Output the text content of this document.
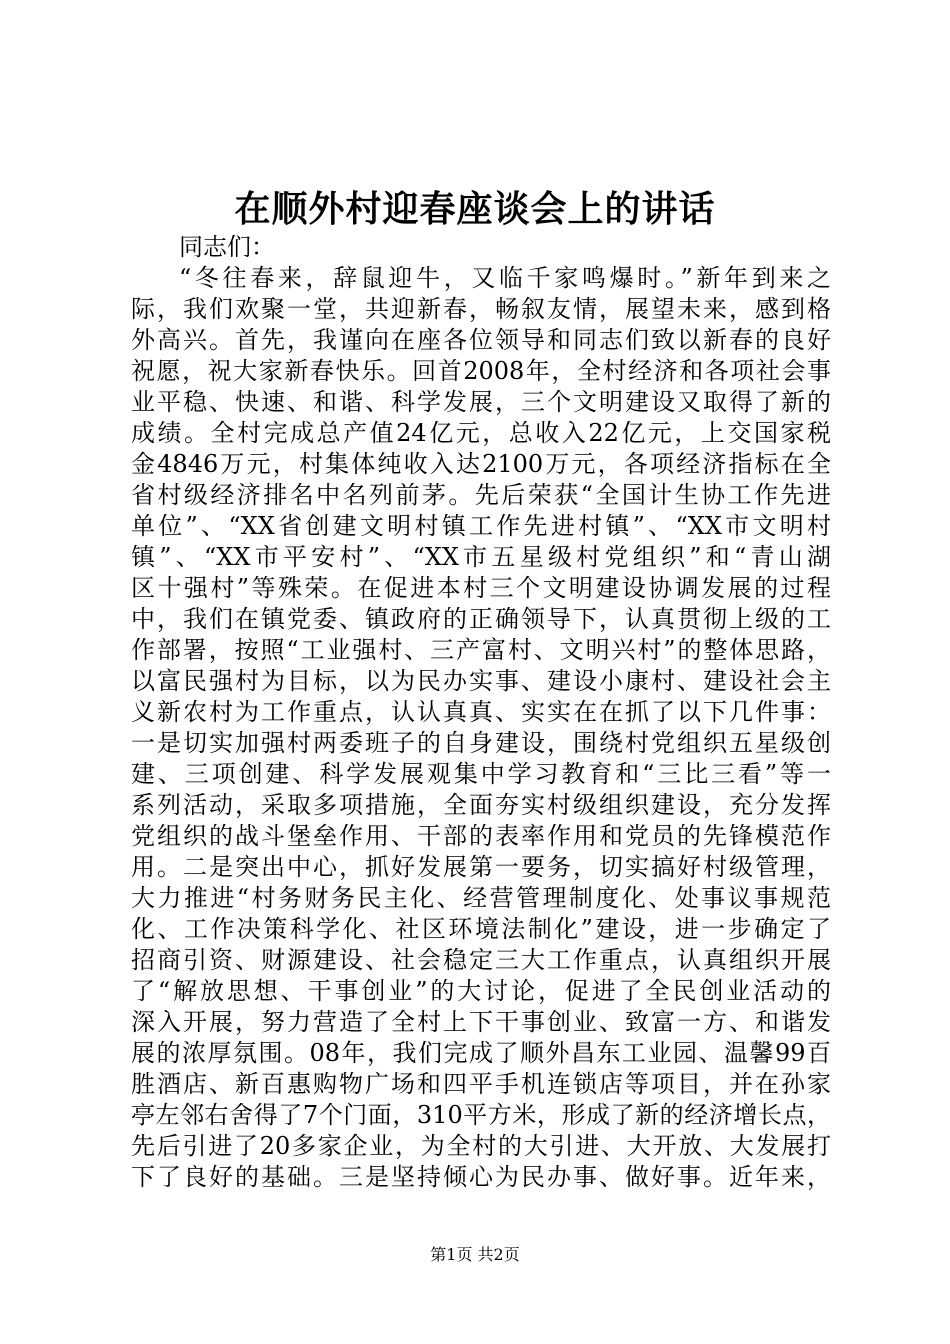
在顺外村迎春座谈会上的讲话
同志们：
“冬往春来，辞鼠迎牛，又临千家鸣爆时。”新年到来之
际，我们欢聚一堂，共迎新春，畅叙友情，展望未来，感到格
外高兴。首先，我谨向在座各位领导和同志们致以新春的良好
祝愿，祝大家新春快乐。回首2008年，全村经济和各项社会事
业平稳、快速、和谐、科学发展，三个文明建设又取得了新的
成绩。全村完成总产值24亿元，总收入22亿元，上交国家税
金4846万元，村集体纯收入达2100万元，各项经济指标在全
省村级经济排名中名列前茅。先后荣获“全国计生协工作先进
单位”、“XX省创建文明村镇工作先进村镇”、“XX市文明村
镇”、“XX市平安村”、“XX市五星级村党组织”和“青山湖
区十强村”等殊荣。在促进本村三个文明建设协调发展的过程
中，我们在镇党委、镇政府的正确领导下，认真贯彻上级的工
作部署，按照“工业强村、三产富村、文明兴村”的整体思路，
以富民强村为目标，以为民办实事、建设小康村、建设社会主
义新农村为工作重点，认认真真、实实在在抓了以下几件事：
一是切实加强村两委班子的自身建设，围绕村党组织五星级创
建、三项创建、科学发展观集中学习教育和“三比三看”等一
系列活动，采取多项措施，全面夯实村级组织建设，充分发挥
党组织的战斗堡垒作用、干部的表率作用和党员的先锋模范作
用。二是突出中心，抓好发展第一要务，切实搞好村级管理，
大力推进“村务财务民主化、经营管理制度化、处事议事规范
化、工作决策科学化、社区环境法制化”建设，进一步确定了
招商引资、财源建设、社会稳定三大工作重点，认真组织开展
了“解放思想、干事创业”的大讨论，促进了全民创业活动的
深入开展，努力营造了全村上下干事创业、致富一方、和谐发
展的浓厚氛围。08年，我们完成了顺外昌东工业园、温馨99百
胜酒店、新百惠购物广场和四平手机连锁店等项目，并在孙家
亭左邻右舍得了7个门面，310平方米，形成了新的经济增长点，
先后引进了20多家企业，为全村的大引进、大开放、大发展打
下了良好的基础。三是坚持倾心为民办事、做好事。近年来，
第1页 共2页
